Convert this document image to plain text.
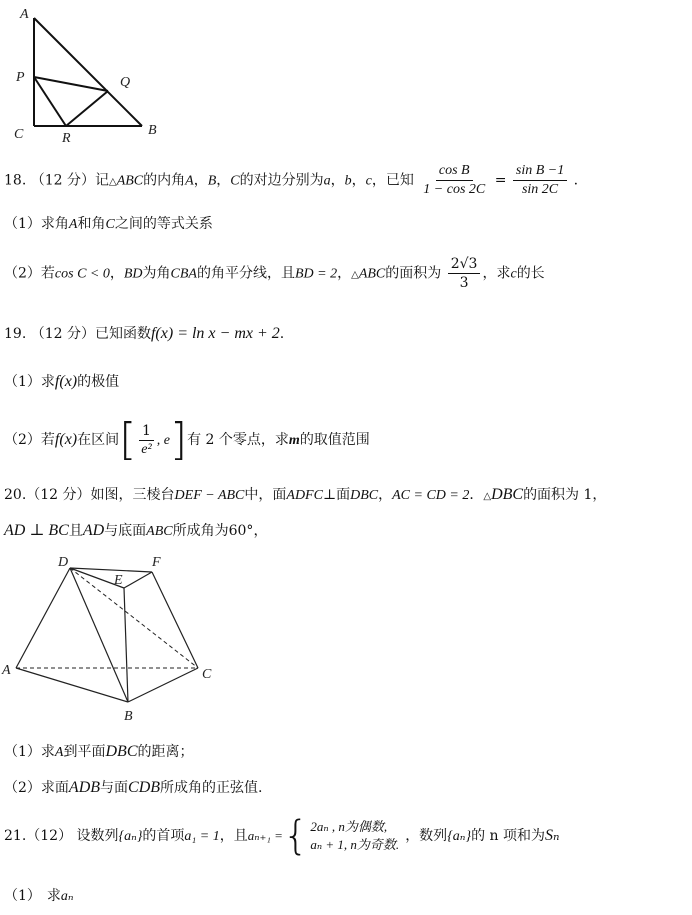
A
P	Q
C	R
B
18. （12 分）记△ABC的内角A，B，C的对边分别为a，b，c，已知 $\frac{\text{cos B}}{1 - \cos 2C} = \frac{\text{sin B −1}}{\sin 2C}$ .
（1）求角A和角C之间的等式关系
（2）若cos C < 0，BD为角CBA的角平分线，且BD = 2，△ABC的面积为 $\frac{2√3}{3}$ ，求c的长
19. （12 分）已知函数f(x) = ln x − mx + 2.
（1）求f(x)的极值
（2）若f(x)在区间[ $\frac{1}{\text{e²}}$ , e]有 2 个零点，求m的取值范围
20.（12 分）如图，三棱台DEF − ABC中，面ADFC⊥面DBC，AC = CD = 2．△DBC的面积为 1，
AD ⊥ BC且AD与底面ABC所成角为60°，
D
E
F
A
B
C
（1）求A到平面DBC的距离；
（2）求面ADB与面CDB所成角的正弦值.
21.（12） 设数列{aₙ}的首项a₁ = 1，且aₙ₊₁ ={ 2aₙ , n为偶数,
aₙ + 1, n为奇数.
，数列{aₙ}的 n 项和为Sₙ
（1） 求aₙ
